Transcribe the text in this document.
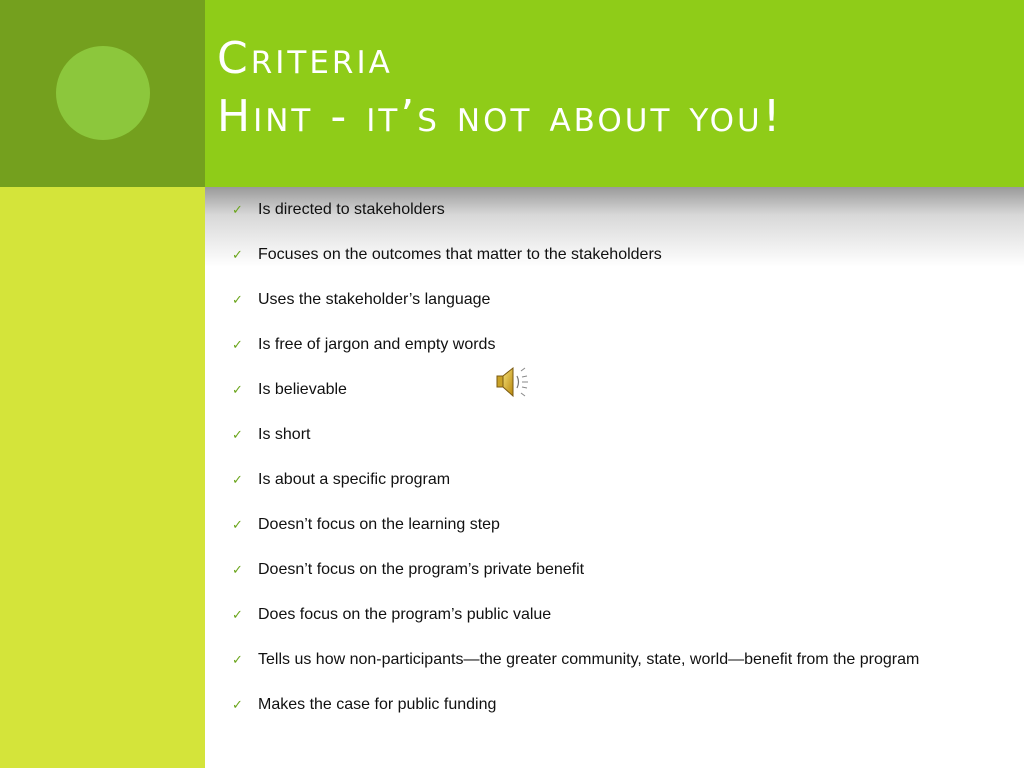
Criteria
Hint - it’s not about you!
✓ Is directed to stakeholders
✓ Focuses on the outcomes that matter to the stakeholders
✓ Uses the stakeholder’s language
✓ Is free of jargon and empty words
✓ Is believable
✓ Is short
✓ Is about a specific program
✓ Doesn’t focus on the learning step
✓ Doesn’t focus on the program’s private benefit
✓ Does focus on the program’s public value
✓ Tells us how non-participants—the greater community, state, world—benefit from the program
✓ Makes the case for public funding
